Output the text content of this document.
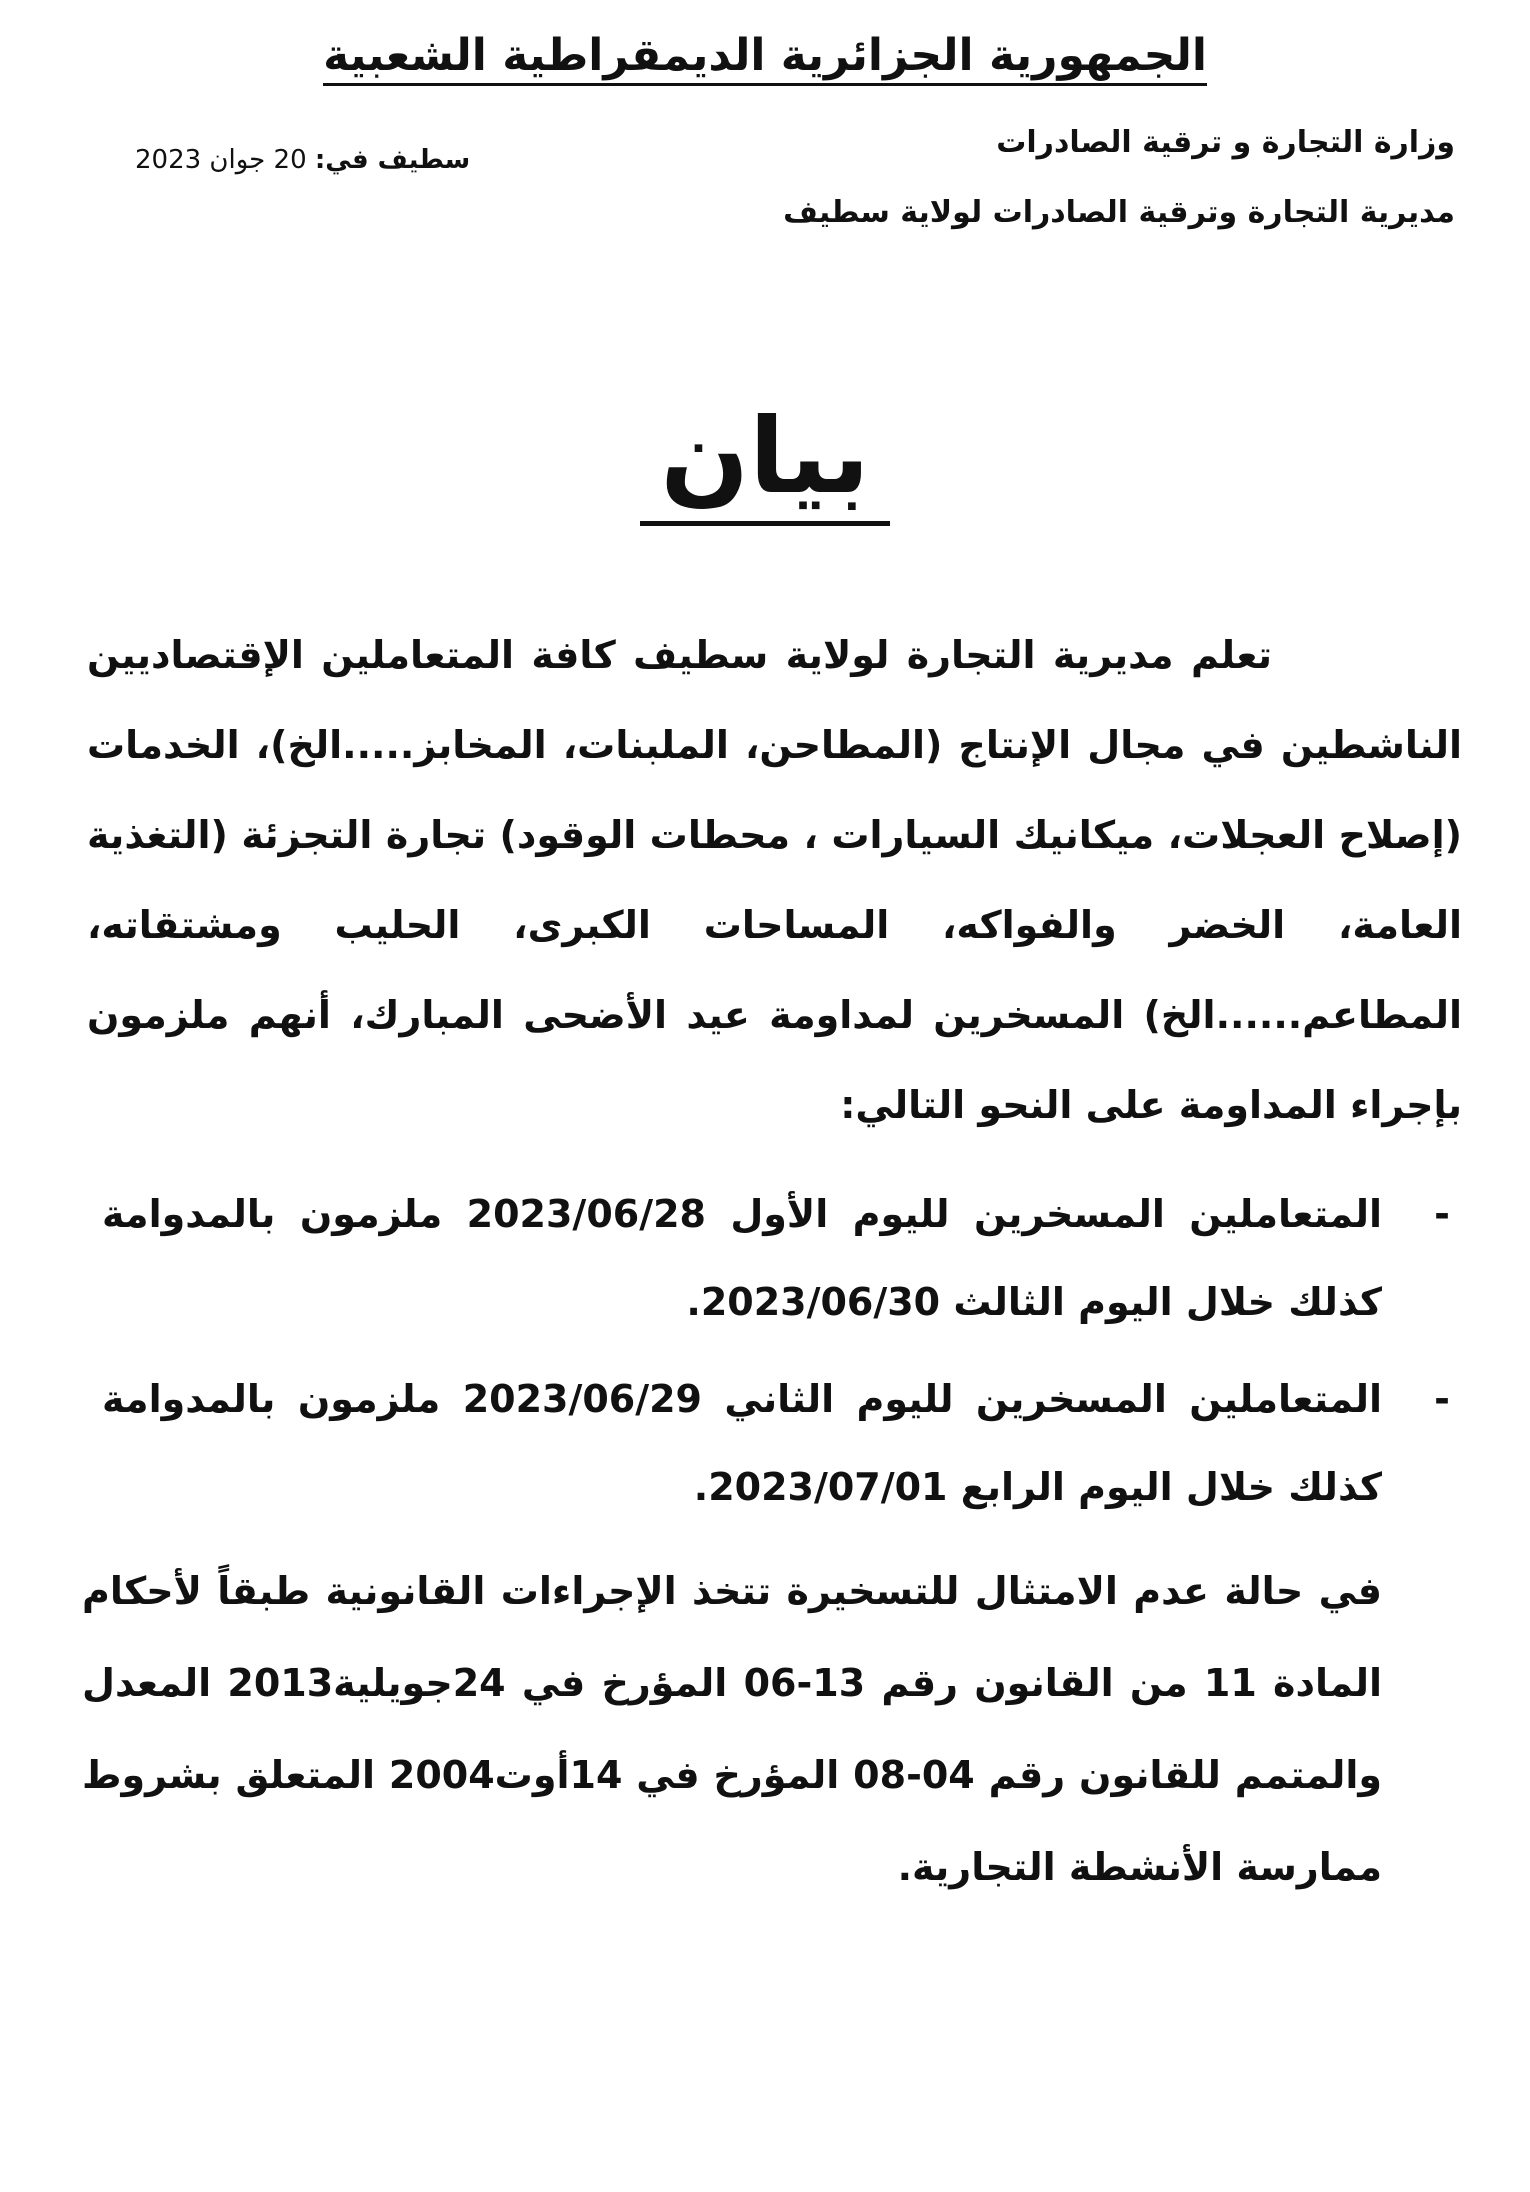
الجمهورية الجزائرية الديمقراطية الشعبية
وزارة التجارة و ترقية الصادرات
مديرية التجارة وترقية الصادرات لولاية سطيف
سطيف في: 20 جوان 2023
بيان
تعلم مديرية التجارة لولاية سطيف كافة المتعاملين الإقتصاديين الناشطين في مجال الإنتاج (المطاحن، الملبنات، المخابز.....الخ)، الخدمات (إصلاح العجلات، ميكانيك السيارات ، محطات الوقود) تجارة التجزئة (التغذية العامة، الخضر والفواكه، المساحات الكبرى، الحليب ومشتقاته، المطاعم......الخ) المسخرين لمداومة عيد الأضحى المبارك، أنهم ملزمون بإجراء المداومة على النحو التالي:
-
المتعاملين المسخرين لليوم الأول 2023/06/28 ملزمون بالمدوامة كذلك خلال اليوم الثالث 2023/06/30.
-
المتعاملين المسخرين لليوم الثاني 2023/06/29 ملزمون بالمدوامة كذلك خلال اليوم الرابع 2023/07/01.
في حالة عدم الامتثال للتسخيرة تتخذ الإجراءات القانونية طبقاً لأحكام المادة 11 من القانون رقم 13-06 المؤرخ في 24جويلية2013 المعدل والمتمم للقانون رقم 04-08 المؤرخ في 14أوت2004 المتعلق بشروط ممارسة الأنشطة التجارية.
